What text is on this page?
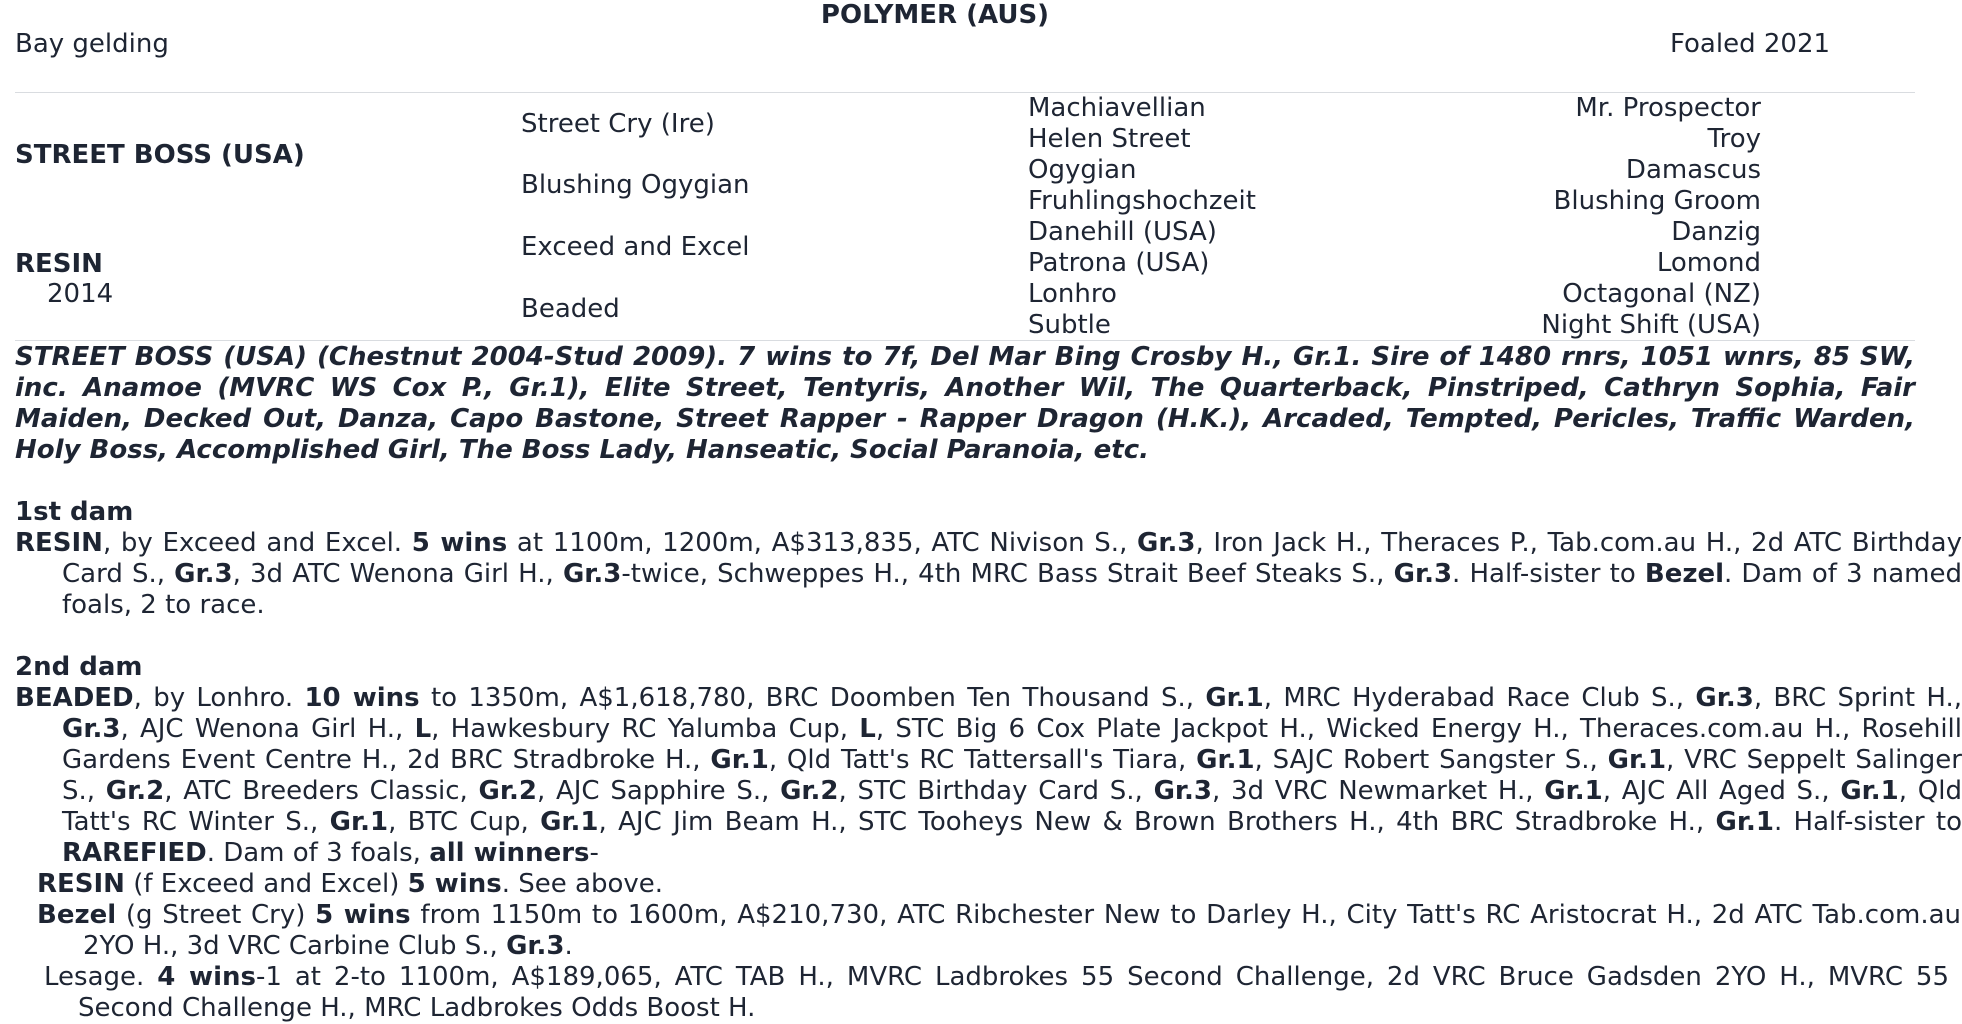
POLYMER (AUS)
Bay gelding	Foaled 2021
STREET BOSS (USA)
RESIN
2014
Street Cry (Ire)
Blushing Ogygian
Exceed and Excel
Beaded
Machiavellian
Helen Street
Ogygian
Fruhlingshochzeit
Danehill (USA)
Patrona (USA)
Lonhro
Subtle
Mr. Prospector
Troy
Damascus
Blushing Groom
Danzig
Lomond
Octagonal (NZ)
Night Shift (USA)
STREET BOSS (USA) (Chestnut 2004-Stud 2009). 7 wins to 7f, Del Mar Bing Crosby H., Gr.1. Sire of 1480 rnrs, 1051 wnrs, 85 SW, inc. Anamoe (MVRC WS Cox P., Gr.1), Elite Street, Tentyris, Another Wil, The Quarterback, Pinstriped, Cathryn Sophia, Fair Maiden, Decked Out, Danza, Capo Bastone, Street Rapper - Rapper Dragon (H.K.), Arcaded, Tempted, Pericles, Traffic Warden, Holy Boss, Accomplished Girl, The Boss Lady, Hanseatic, Social Paranoia, etc.
1st dam
RESIN, by Exceed and Excel. 5 wins at 1100m, 1200m, A$313,835, ATC Nivison S., Gr.3, Iron Jack H., Theraces P., Tab.com.au H., 2d ATC Birthday Card S., Gr.3, 3d ATC Wenona Girl H., Gr.3-twice, Schweppes H., 4th MRC Bass Strait Beef Steaks S., Gr.3. Half-sister to Bezel. Dam of 3 named foals, 2 to race.
2nd dam
BEADED, by Lonhro. 10 wins to 1350m, A$1,618,780, BRC Doomben Ten Thousand S., Gr.1, MRC Hyderabad Race Club S., Gr.3, BRC Sprint H., Gr.3, AJC Wenona Girl H., L, Hawkesbury RC Yalumba Cup, L, STC Big 6 Cox Plate Jackpot H., Wicked Energy H., Theraces.com.au H., Rosehill Gardens Event Centre H., 2d BRC Stradbroke H., Gr.1, Qld Tatt's RC Tattersall's Tiara, Gr.1, SAJC Robert Sangster S., Gr.1, VRC Seppelt Salinger S., Gr.2, ATC Breeders Classic, Gr.2, AJC Sapphire S., Gr.2, STC Birthday Card S., Gr.3, 3d VRC Newmarket H., Gr.1, AJC All Aged S., Gr.1, Qld Tatt's RC Winter S., Gr.1, BTC Cup, Gr.1, AJC Jim Beam H., STC Tooheys New & Brown Brothers H., 4th BRC Stradbroke H., Gr.1. Half-sister to RAREFIED. Dam of 3 foals, all winners-
RESIN (f Exceed and Excel) 5 wins. See above.
Bezel (g Street Cry) 5 wins from 1150m to 1600m, A$210,730, ATC Ribchester New to Darley H., City Tatt's RC Aristocrat H., 2d ATC Tab.com.au 2YO H., 3d VRC Carbine Club S., Gr.3.
Lesage. 4 wins-1 at 2-to 1100m, A$189,065, ATC TAB H., MVRC Ladbrokes 55 Second Challenge, 2d VRC Bruce Gadsden 2YO H., MVRC 55 Second Challenge H., MRC Ladbrokes Odds Boost H.
